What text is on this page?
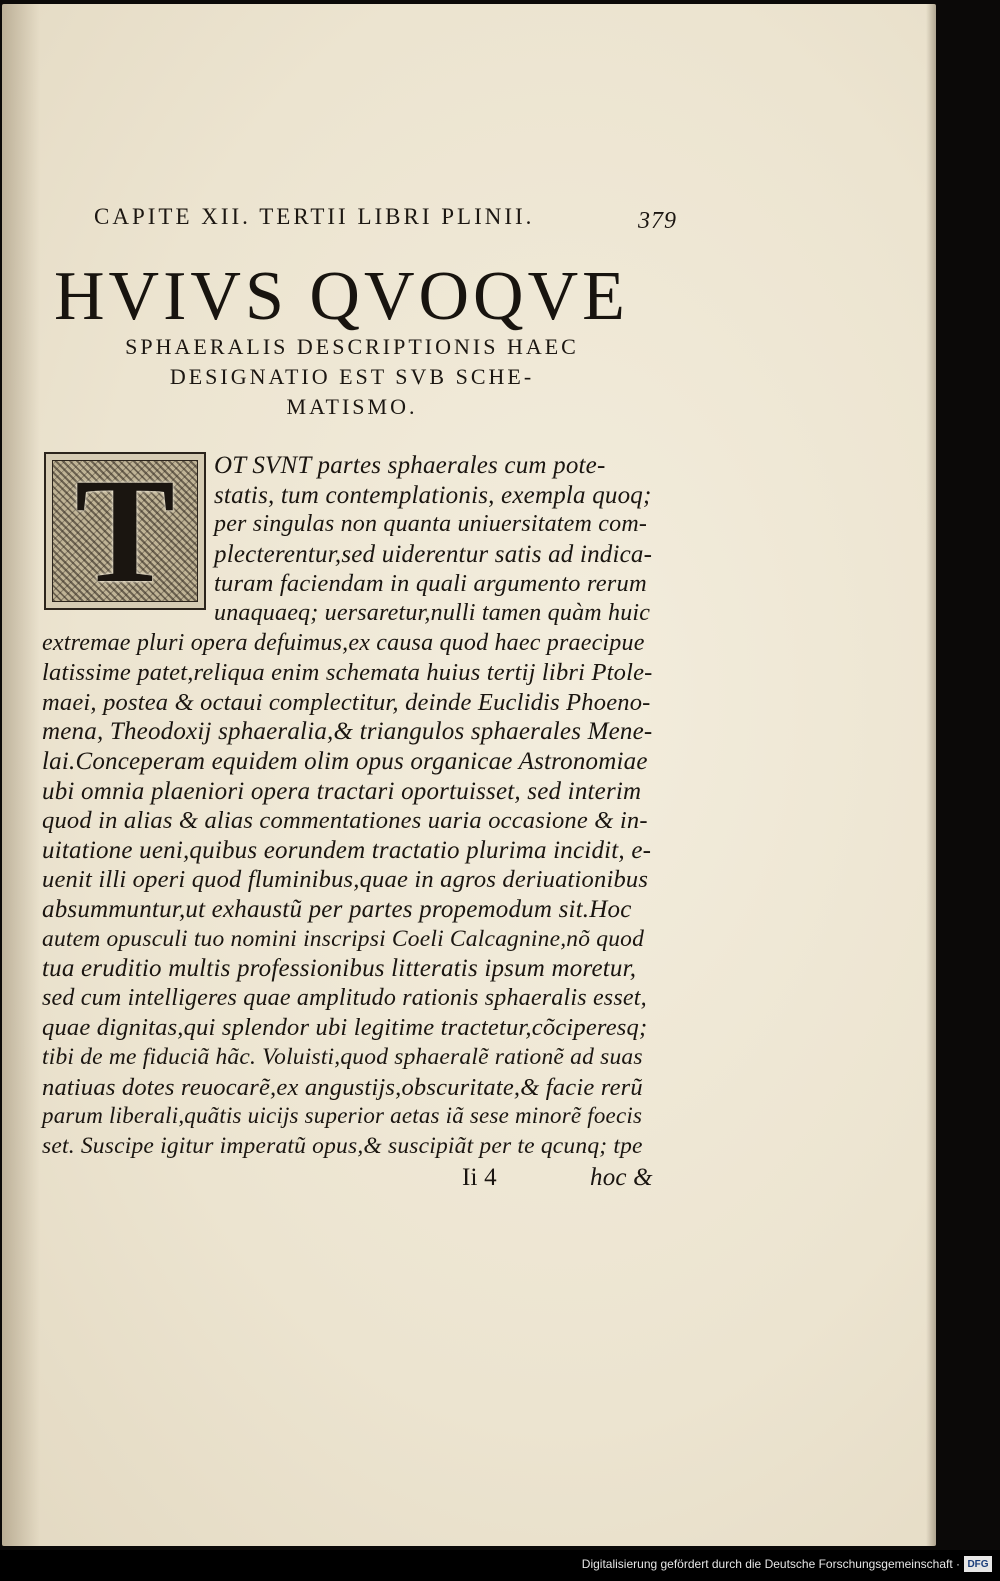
CAPITE XII. TERTII LIBRI PLINII.	379
HVIVS QVOQVE
SPHAERALIS DESCRIPTIONIS HAEC
DESIGNATIO EST SVB SCHE-
MATISMO.
T	OT SVNT partes sphaerales cum pote-
statis, tum contemplationis, exempla quoq;
per singulas non quanta uniuersitatem com-
plecterentur,sed uiderentur satis ad indica-
turam faciendam in quali argumento rerum
unaquaeq; uersaretur,nulli tamen quàm huic
extremae pluri opera defuimus,ex causa quod haec praecipue
latissime patet,reliqua enim schemata huius tertij libri Ptole-
maei, postea & octaui complectitur, deinde Euclidis Phoeno-
mena, Theodoxij sphaeralia,& triangulos sphaerales Mene-
lai.Conceperam equidem olim opus organicae Astronomiae
ubi omnia plaeniori opera tractari oportuisset, sed interim
quod in alias & alias commentationes uaria occasione & in-
uitatione ueni,quibus eorundem tractatio plurima incidit, e-
uenit illi operi quod fluminibus,quae in agros deriuationibus
absummuntur,ut exhaustũ per partes propemodum sit.Hoc
autem opusculi tuo nomini inscripsi Coeli Calcagnine,nõ quod
tua eruditio multis professionibus litteratis ipsum moretur,
sed cum intelligeres quae amplitudo rationis sphaeralis esset,
quae dignitas,qui splendor ubi legitime tractetur,cõciperesq;
tibi de me fiduciã hãc. Voluisti,quod sphaeralẽ rationẽ ad suas
natiuas dotes reuocarẽ,ex angustijs,obscuritate,& facie rerũ
parum liberali,quãtis uicijs superior aetas iã sese minorẽ foecis
set. Suscipe igitur imperatũ opus,& suscipiãt per te qcunq; tpe
Ii 4	hoc &
Digitalisierung gefördert durch die Deutsche Forschungsgemeinschaft · DFG
